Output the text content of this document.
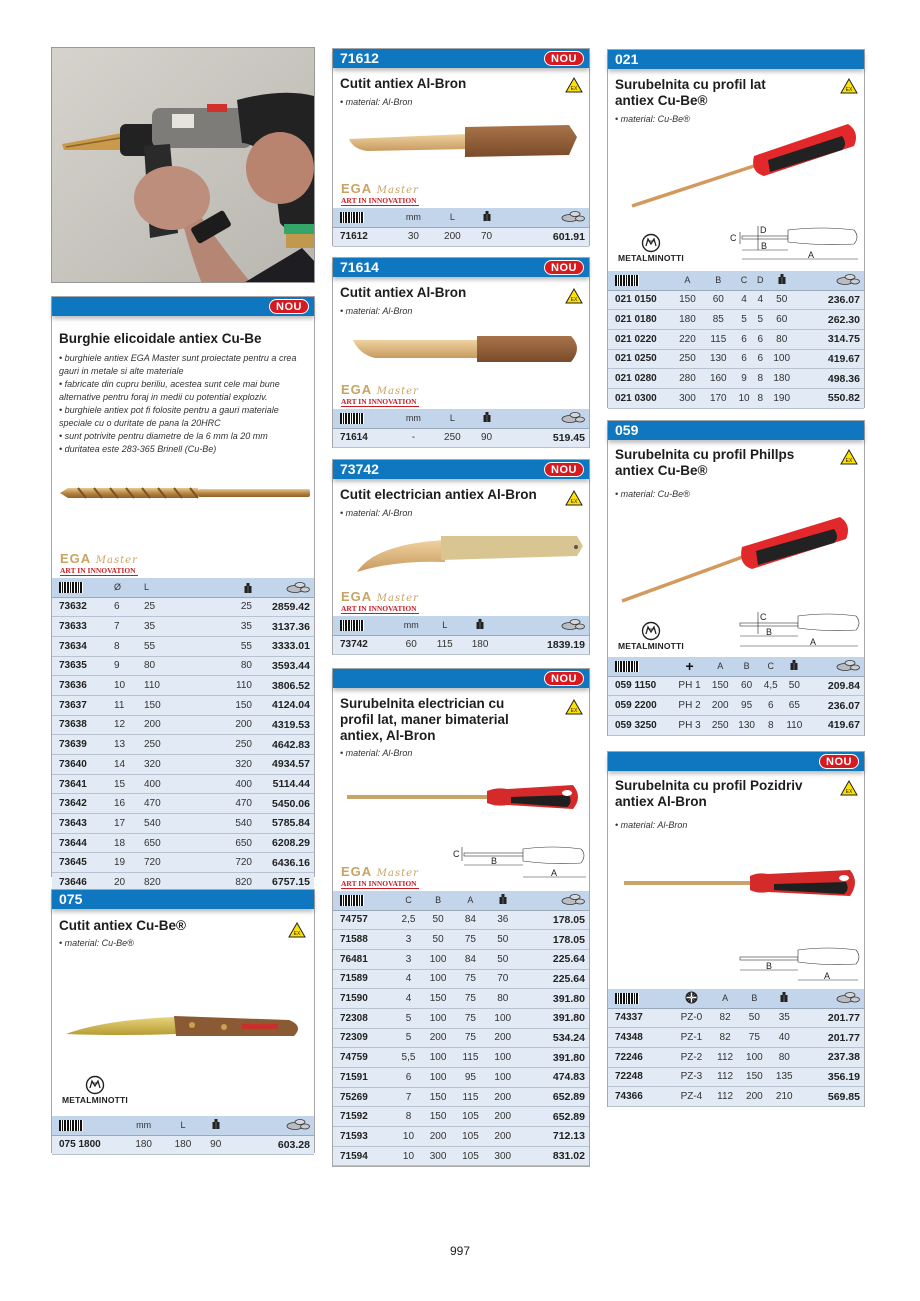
NOU
Burghie elicoidale antiex Cu-Be
• burghiele antiex EGA Master sunt proiectate pentru a crea gauri in metale si alte materiale
• fabricate din cupru beriliu, acestea sunt cele mai bune alternative pentru foraj in medii cu potential exploziv.
• burghiele antiex pot fi folosite pentru a gauri materiale speciale cu o duritate de pana la 20HRC
• sunt potrivite pentru diametre de la 6 mm la 20 mm
• duritatea este 283-365 Brinell (Cu-Be)
EGA Master
ART IN INNOVATION
	Ø	L		
73632	6	25	25	2859.42
73633	7	35	35	3137.36
73634	8	55	55	3333.01
73635	9	80	80	3593.44
73636	10	110	110	3806.52
73637	11	150	150	4124.04
73638	12	200	200	4319.53
73639	13	250	250	4642.83
73640	14	320	320	4934.57
73641	15	400	400	5114.44
73642	16	470	470	5450.06
73643	17	540	540	5785.84
73644	18	650	650	6208.29
73645	19	720	720	6436.16
73646	20	820	820	6757.15
075
Cutit antiex Cu-Be®
• material: Cu-Be®
METALMINOTTI
	mm	L		
075 1800	180	180	90	603.28
71612	NOU
Cutit antiex Al-Bron
• material: Al-Bron
EGA Master
ART IN INNOVATION
	mm	L		
71612	30	200	70	601.91
71614	NOU
Cutit antiex Al-Bron
• material: Al-Bron
EGA Master
ART IN INNOVATION
	mm	L		
71614	-	250	90	519.45
73742	NOU
Cutit electrician antiex Al-Bron
• material: Al-Bron
EGA Master
ART IN INNOVATION
	mm	L		
73742	60	115	180	1839.19
NOU
Surubelnita electrician cu
profil lat, maner bimaterial
antiex, Al-Bron
• material: Al-Bron
C
B
A
EGA Master
ART IN INNOVATION
	C	B	A		
74757	2,5	50	84	36	178.05
71588	3	50	75	50	178.05
76481	3	100	84	50	225.64
71589	4	100	75	70	225.64
71590	4	150	75	80	391.80
72308	5	100	75	100	391.80
72309	5	200	75	200	534.24
74759	5,5	100	115	100	391.80
71591	6	100	95	100	474.83
75269	7	150	115	200	652.89
71592	8	150	105	200	652.89
71593	10	200	105	200	712.13
71594	10	300	105	300	831.02
021
Surubelnita cu profil lat
antiex Cu-Be®
• material: Cu-Be®
METALMINOTTI
C
D
B
A
	A	B	C	D		
021 0150	150	60	4	4	50	236.07
021 0180	180	85	5	5	60	262.30
021 0220	220	115	6	6	80	314.75
021 0250	250	130	6	6	100	419.67
021 0280	280	160	9	8	180	498.36
021 0300	300	170	10	8	190	550.82
059
Surubelnita cu profil Phillps
antiex Cu-Be®
• material: Cu-Be®
METALMINOTTI
C
B
A
	+	A	B	C		
059 1150	PH 1	150	60	4,5	50	209.84
059 2200	PH 2	200	95	6	65	236.07
059 3250	PH 3	250	130	8	110	419.67
NOU
Surubelnita cu profil Pozidriv
antiex Al-Bron
• material: Al-Bron
B
A
		A	B		
74337	PZ-0	82	50	35	201.77
74348	PZ-1	82	75	40	201.77
72246	PZ-2	112	100	80	237.38
72248	PZ-3	112	150	135	356.19
74366	PZ-4	112	200	210	569.85
997
